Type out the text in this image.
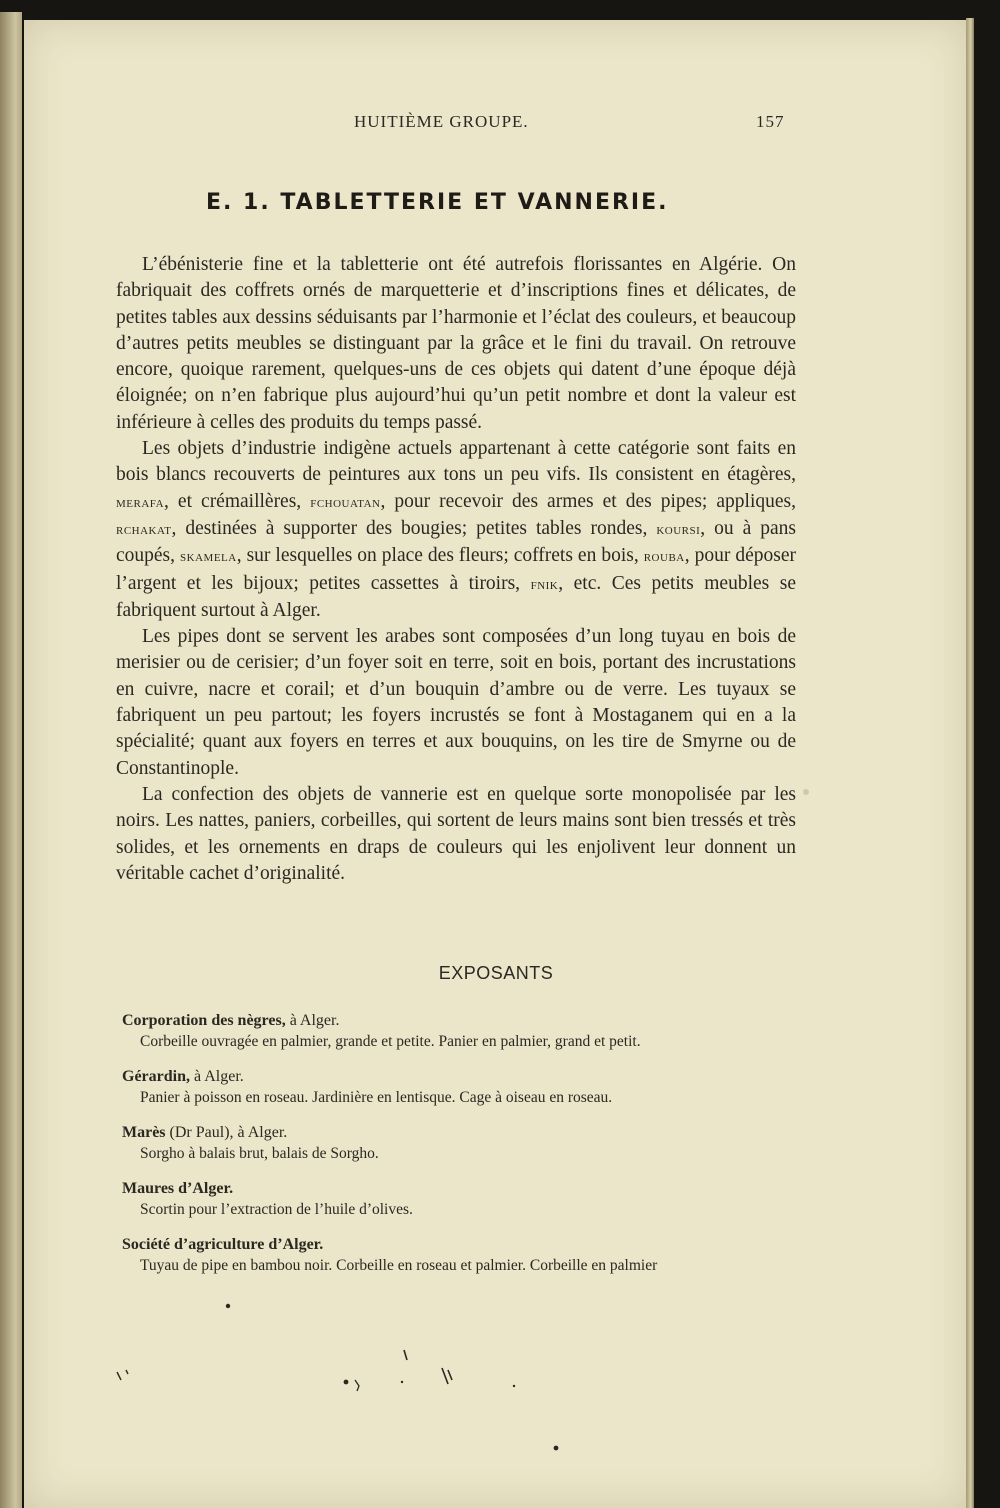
HUITIÈME GROUPE.	157
E. 1. TABLETTERIE ET VANNERIE.

L’ébénisterie fine et la tabletterie ont été autrefois florissantes en Algérie. On fabriquait des coffrets ornés de marquetterie et d’inscriptions fines et délicates, de petites tables aux dessins séduisants par l’harmonie et l’éclat des couleurs, et beaucoup d’autres petits meubles se distinguant par la grâce et le fini du travail. On retrouve encore, quoique rarement, quelques-uns de ces objets qui datent d’une époque déjà éloignée; on n’en fabrique plus aujourd’hui qu’un petit nombre et dont la valeur est inférieure à celles des produits du temps passé.

Les objets d’industrie indigène actuels appartenant à cette catégorie sont faits en bois blancs recouverts de peintures aux tons un peu vifs. Ils consistent en étagères, merafa, et crémaillères, fchouatan, pour recevoir des armes et des pipes; appliques, rchakat, destinées à supporter des bougies; petites tables rondes, koursi, ou à pans coupés, skamela, sur lesquelles on place des fleurs; coffrets en bois, rouba, pour déposer l’argent et les bijoux; petites cassettes à tiroirs, fnik, etc. Ces petits meubles se fabriquent surtout à Alger.

Les pipes dont se servent les arabes sont composées d’un long tuyau en bois de merisier ou de cerisier; d’un foyer soit en terre, soit en bois, portant des incrustations en cuivre, nacre et corail; et d’un bouquin d’ambre ou de verre. Les tuyaux se fabriquent un peu partout; les foyers incrustés se font à Mostaganem qui en a la spécialité; quant aux foyers en terres et aux bouquins, on les tire de Smyrne ou de Constantinople.

La confection des objets de vannerie est en quelque sorte monopolisée par les noirs. Les nattes, paniers, corbeilles, qui sortent de leurs mains sont bien tressés et très solides, et les ornements en draps de couleurs qui les enjolivent leur donnent un véritable cachet d’originalité.

EXPOSANTS
Corporation des nègres, à Alger.
Corbeille ouvragée en palmier, grande et petite. Panier en palmier, grand et petit.
Gérardin, à Alger.
Panier à poisson en roseau. Jardinière en lentisque. Cage à oiseau en roseau.
Marès (Dr Paul), à Alger.
Sorgho à balais brut, balais de Sorgho.
Maures d’Alger.
Scortin pour l’extraction de l’huile d’olives.
Société d’agriculture d’Alger.
Tuyau de pipe en bambou noir. Corbeille en roseau et palmier. Corbeille en palmier
